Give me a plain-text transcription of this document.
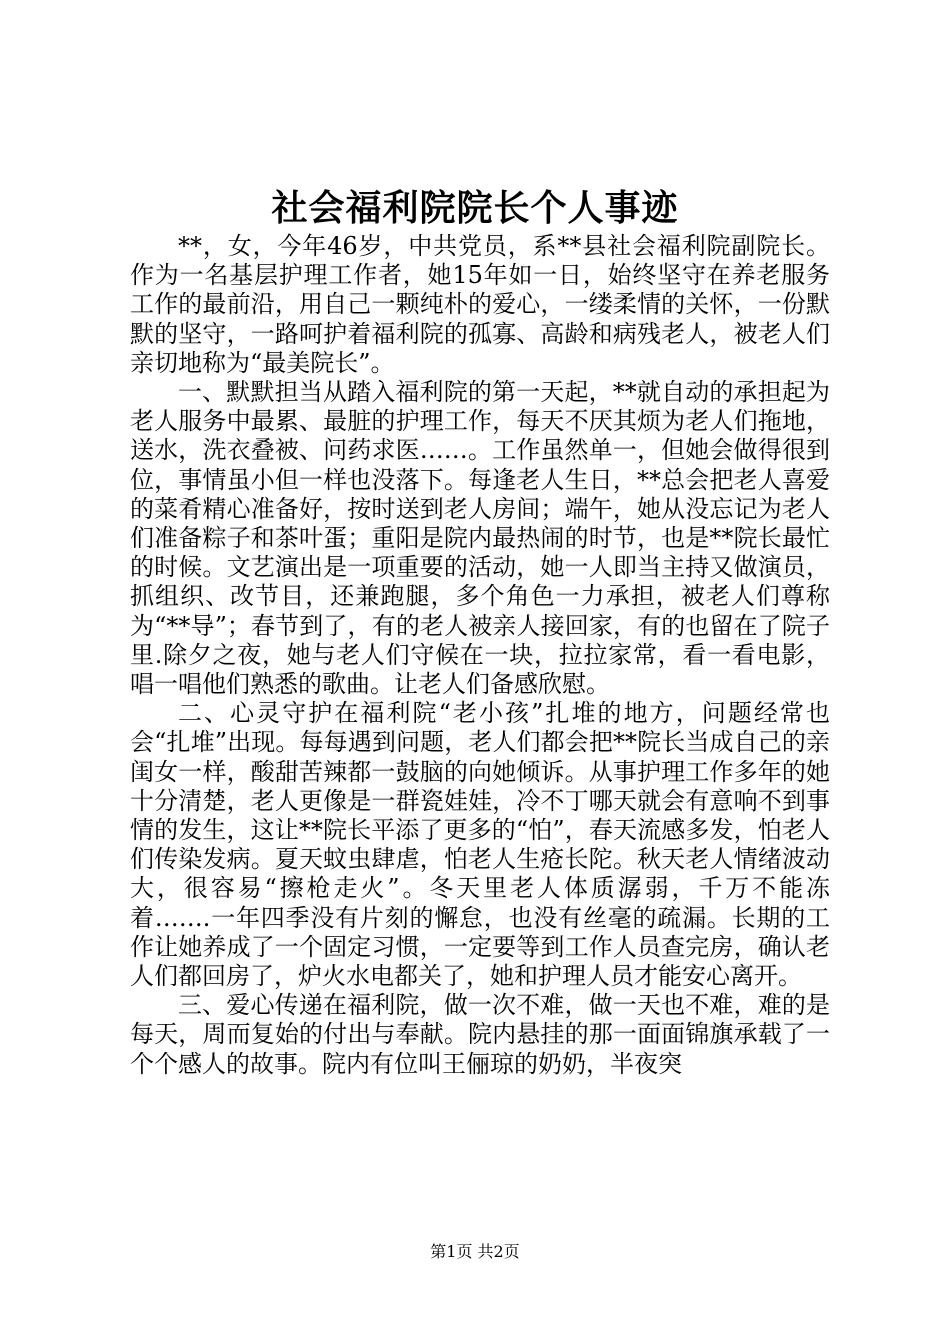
社会福利院院长个人事迹

**，女，今年46岁，中共党员，系**县社会福利院副院长。作为一名基层护理工作者，她15年如一日，始终坚守在养老服务工作的最前沿，用自己一颗纯朴的爱心，一缕柔情的关怀，一份默默的坚守，一路呵护着福利院的孤寡、高龄和病残老人，被老人们亲切地称为“最美院长”。

一、默默担当从踏入福利院的第一天起，**就自动的承担起为老人服务中最累、最脏的护理工作，每天不厌其烦为老人们拖地，送水，洗衣叠被、问药求医……。工作虽然单一，但她会做得很到位，事情虽小但一样也没落下。每逢老人生日，**总会把老人喜爱的菜肴精心准备好，按时送到老人房间；端午，她从没忘记为老人们准备粽子和茶叶蛋；重阳是院内最热闹的时节，也是**院长最忙的时候。文艺演出是一项重要的活动，她一人即当主持又做演员，抓组织、改节目，还兼跑腿，多个角色一力承担，被老人们尊称为“**导”；春节到了，有的老人被亲人接回家，有的也留在了院子里.除夕之夜，她与老人们守候在一块，拉拉家常，看一看电影，唱一唱他们熟悉的歌曲。让老人们备感欣慰。

二、心灵守护在福利院“老小孩”扎堆的地方，问题经常也会“扎堆”出现。每每遇到问题，老人们都会把**院长当成自己的亲闺女一样，酸甜苦辣都一鼓脑的向她倾诉。从事护理工作多年的她十分清楚，老人更像是一群瓷娃娃，冷不丁哪天就会有意响不到事情的发生，这让**院长平添了更多的“怕”，春天流感多发，怕老人们传染发病。夏天蚊虫肆虐，怕老人生疮长陀。秋天老人情绪波动大，很容易“擦枪走火”。冬天里老人体质潺弱，千万不能冻着…….一年四季没有片刻的懈怠，也没有丝毫的疏漏。长期的工作让她养成了一个固定习惯，一定要等到工作人员查完房，确认老人们都回房了，炉火水电都关了，她和护理人员才能安心离开。

三、爱心传递在福利院，做一次不难，做一天也不难，难的是每天，周而复始的付出与奉献。院内悬挂的那一面面锦旗承载了一个个感人的故事。院内有位叫王俪琼的奶奶，半夜突

第1页 共2页
